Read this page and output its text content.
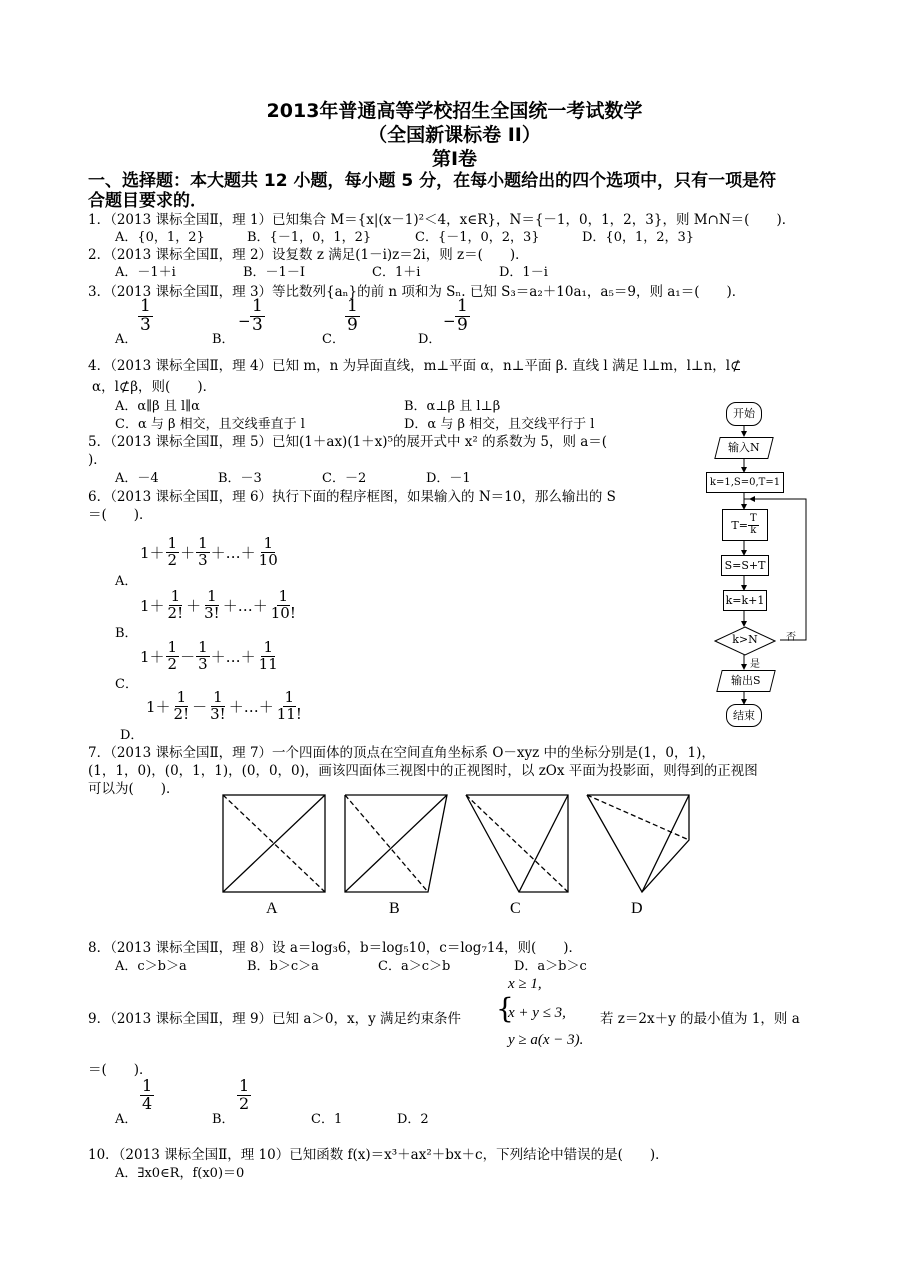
2013年普通高等学校招生全国统一考试数学
（全国新课标卷 II）
第Ⅰ卷
一、选择题：本大题共 12 小题，每小题 5 分，在每小题给出的四个选项中，只有一项是符
合题目要求的．
1．（2013 课标全国Ⅱ，理 1）已知集合 M＝{x|(x－1)²＜4，x∈R}，N＝{－1，0，1，2，3}，则 M∩N＝(　　)．
A．{0，1，2}	B．{－1，0，1，2}	C．{－1，0，2，3}	D．{0，1，2，3}
2．（2013 课标全国Ⅱ，理 2）设复数 z 满足(1－i)z＝2i，则 z＝(　　)．
A．－1＋i	B．－1－I	C．1＋i	D．1－i
3．（2013 课标全国Ⅱ，理 3）等比数列{aₙ}的前 n 项和为 Sₙ. 已知 S₃＝a₂＋10a₁，a₅＝9，则 a₁＝(　　)．
A．
$\frac{1}{3}$
B．
− $\frac{1}{3}$
C．
$\frac{1}{9}$
D．
− $\frac{1}{9}$
4．（2013 课标全国Ⅱ，理 4）已知 m，n 为异面直线，m⊥平面 α，n⊥平面 β. 直线 l 满足 l⊥m，l⊥n，l⊄
α，l⊄β，则(　　)．
A．α∥β 且 l∥α	B．α⊥β 且 l⊥β
C．α 与 β 相交，且交线垂直于 l	D．α 与 β 相交，且交线平行于 l
5．（2013 课标全国Ⅱ，理 5）已知(1＋ax)(1＋x)⁵的展开式中 x² 的系数为 5，则 a＝(
)．
A．－4	B．－3	C．－2	D．－1
6．（2013 课标全国Ⅱ，理 6）执行下面的程序框图，如果输入的 N＝10，那么输出的 S
＝(　　)．
A．
$1+ \frac{1}{2} + \frac{1}{3}$ ＋…＋ $\frac{1}{10}$
B．
$1+ \frac{1}{2!} + \frac{1}{3!}$ ＋…＋ $\frac{1}{10!}$
C．
$1+ \frac{1}{2} - \frac{1}{3}$ ＋…＋ $\frac{1}{11}$
D．
$1+ \frac{1}{2!} - \frac{1}{3!}$ ＋…＋ $\frac{1}{11!}$
开始
输入N
k=1,S=0,T=1
$T= \frac{T}{k}$
S=S+T
k=k+1
k>N	否
是
输出S
结束
7．（2013 课标全国Ⅱ，理 7）一个四面体的顶点在空间直角坐标系 O－xyz 中的坐标分别是(1，0，1)，
(1，1，0)，(0，1，1)，(0，0，0)，画该四面体三视图中的正视图时，以 zOx 平面为投影面，则得到的正视图
可以为(　　)．
A	B	C	D
8．（2013 课标全国Ⅱ，理 8）设 a＝log₃6，b＝log₅10，c＝log₇14，则(　　)．
A．c＞b＞a	B．b＞c＞a	C．a＞c＞b	D．a＞b＞c
x ≥ 1,
9．（2013 课标全国Ⅱ，理 9）已知 a＞0，x，y 满足约束条件 {
x + y ≤ 3,	若 z＝2x＋y 的最小值为 1，则 a
y ≥ a(x − 3).
＝(　　)．
A．
$\frac{1}{4}$
B．
$\frac{1}{2}$
C．1	D．2
10．（2013 课标全国Ⅱ，理 10）已知函数 f(x)＝x³＋ax²＋bx＋c，下列结论中错误的是(　　)．
A．∃x0∈R，f(x0)＝0
